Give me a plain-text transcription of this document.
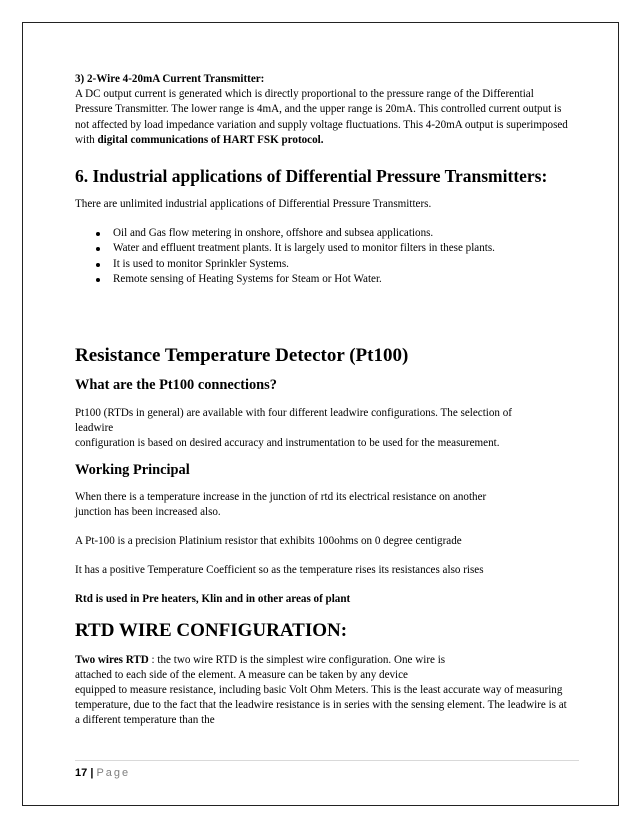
3) 2-Wire 4-20mA Current Transmitter:

A DC output current is generated which is directly proportional to the pressure range of the Differential Pressure Transmitter. The lower range is 4mA, and the upper range is 20mA. This controlled current output is not affected by load impedance variation and supply voltage fluctuations. This 4-20mA output is superimposed with digital communications of HART FSK protocol.

6. Industrial applications of Differential Pressure Transmitters:

There are unlimited industrial applications of Differential Pressure Transmitters.

Oil and Gas flow metering in onshore, offshore and subsea applications.
Water and effluent treatment plants. It is largely used to monitor filters in these plants.
It is used to monitor Sprinkler Systems.
Remote sensing of Heating Systems for Steam or Hot Water.

Resistance Temperature Detector (Pt100)

What are the Pt100 connections?

Pt100 (RTDs in general) are available with four different leadwire configurations. The selection of

leadwire

configuration is based on desired accuracy and instrumentation to be used for the measurement.

Working Principal

When there is a temperature increase in the junction of rtd its electrical resistance on another

junction has been increased also.

A Pt-100 is a precision Platinium resistor that exhibits 100ohms on 0 degree centigrade

It has a positive Temperature Coefficient so as the temperature rises its resistances also rises

Rtd is used in Pre heaters, Klin and in other areas of plant

RTD WIRE CONFIGURATION:

Two wires RTD : the two wire RTD is the simplest wire configuration. One wire is

attached to each side of the element. A measure can be taken by any device

equipped to measure resistance, including basic Volt Ohm Meters. This is the least accurate way of measuring temperature, due to the fact that the leadwire resistance is in series with the sensing element. The leadwire is at a different temperature than the

17 | Page
